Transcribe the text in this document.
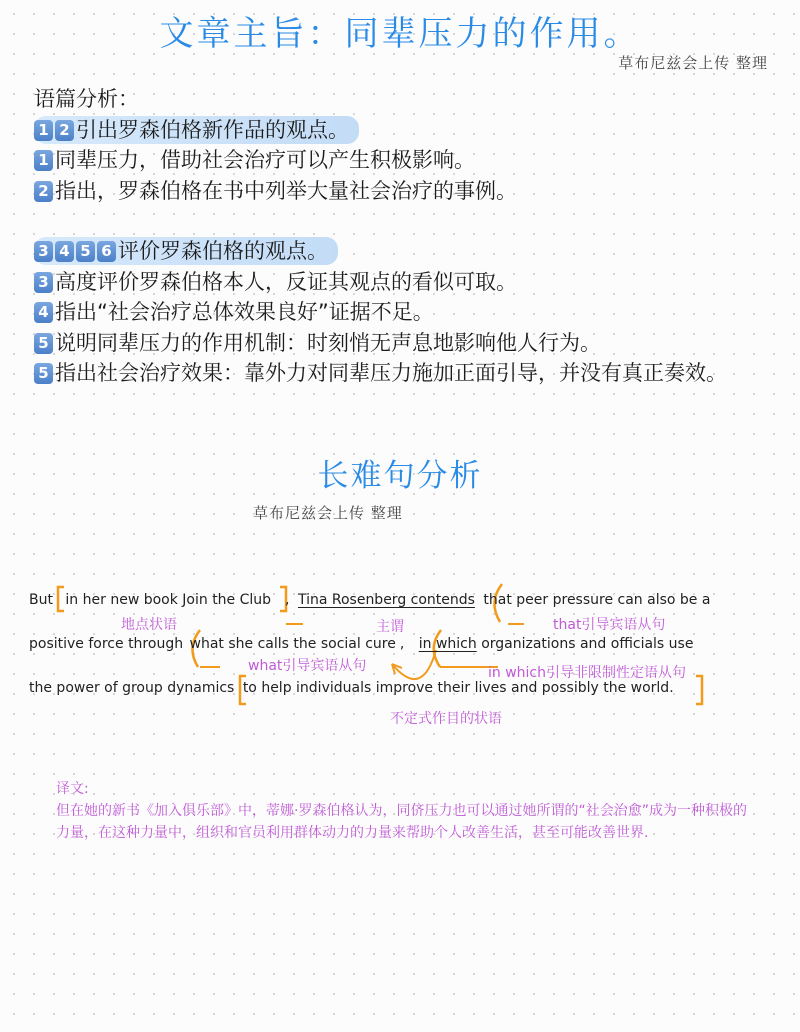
文章主旨：同辈压力的作用。
草布尼兹会上传 整理
语篇分析：
1 2 引出罗森伯格新作品的观点。
1 同辈压力，借助社会治疗可以产生积极影响。
2 指出，罗森伯格在书中列举大量社会治疗的事例。
3 4 5 6 评价罗森伯格的观点。
3 高度评价罗森伯格本人，反证其观点的看似可取。
4 指出“社会治疗总体效果良好”证据不足。
5 说明同辈压力的作用机制：时刻悄无声息地影响他人行为。
5 指出社会治疗效果：靠外力对同辈压力施加正面引导，并没有真正奏效。
长难句分析
草布尼兹会上传 整理
But in her new book Join the Club , Tina Rosenberg contends that peer pressure can also be a
地点状语	主谓	that引导宾语从句
positive force through what she calls the social cure , in which organizations and officials use
what引导宾语从句	in which引导非限制性定语从句
the power of group dynamics to help individuals improve their lives and possibly the world.
不定式作目的状语
译文:
但在她的新书《加入俱乐部》中，蒂娜·罗森伯格认为，同侪压力也可以通过她所谓的“社会治愈”成为一种积极的力量，在这种力量中，组织和官员利用群体动力的力量来帮助个人改善生活，甚至可能改善世界.
